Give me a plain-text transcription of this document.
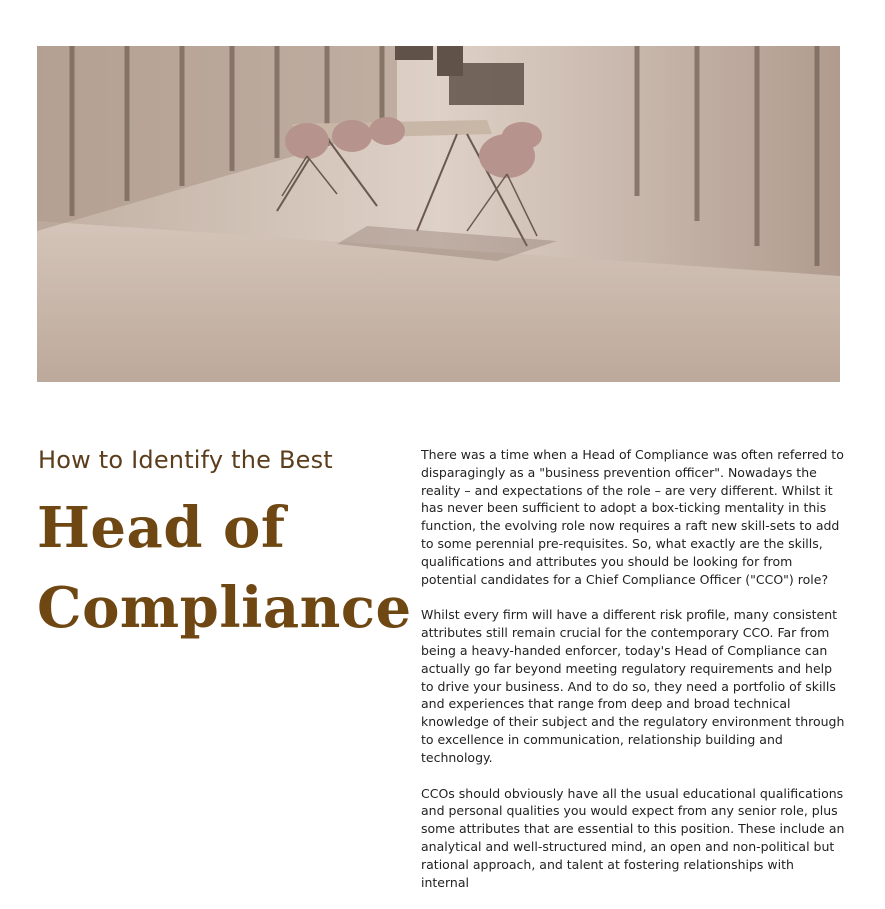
How to Identify the Best
Head of Compliance

There was a time when a Head of Compliance was often referred to disparagingly as a "business prevention officer". Nowadays the reality – and expectations of the role – are very different. Whilst it has never been sufficient to adopt a box-ticking mentality in this function, the evolving role now requires a raft new skill-sets to add to some perennial pre-requisites. So, what exactly are the skills, qualifications and attributes you should be looking for from potential candidates for a Chief Compliance Officer ("CCO") role?

Whilst every firm will have a different risk profile, many consistent attributes still remain crucial for the contemporary CCO. Far from being a heavy-handed enforcer, today's Head of Compliance can actually go far beyond meeting regulatory requirements and help to drive your business. And to do so, they need a portfolio of skills and experiences that range from deep and broad technical knowledge of their subject and the regulatory environment through to excellence in communication, relationship building and technology.

CCOs should obviously have all the usual educational qualifications and personal qualities you would expect from any senior role, plus some attributes that are essential to this position. These include an analytical and well-structured mind, an open and non-political but rational approach, and talent at fostering relationships with internal
